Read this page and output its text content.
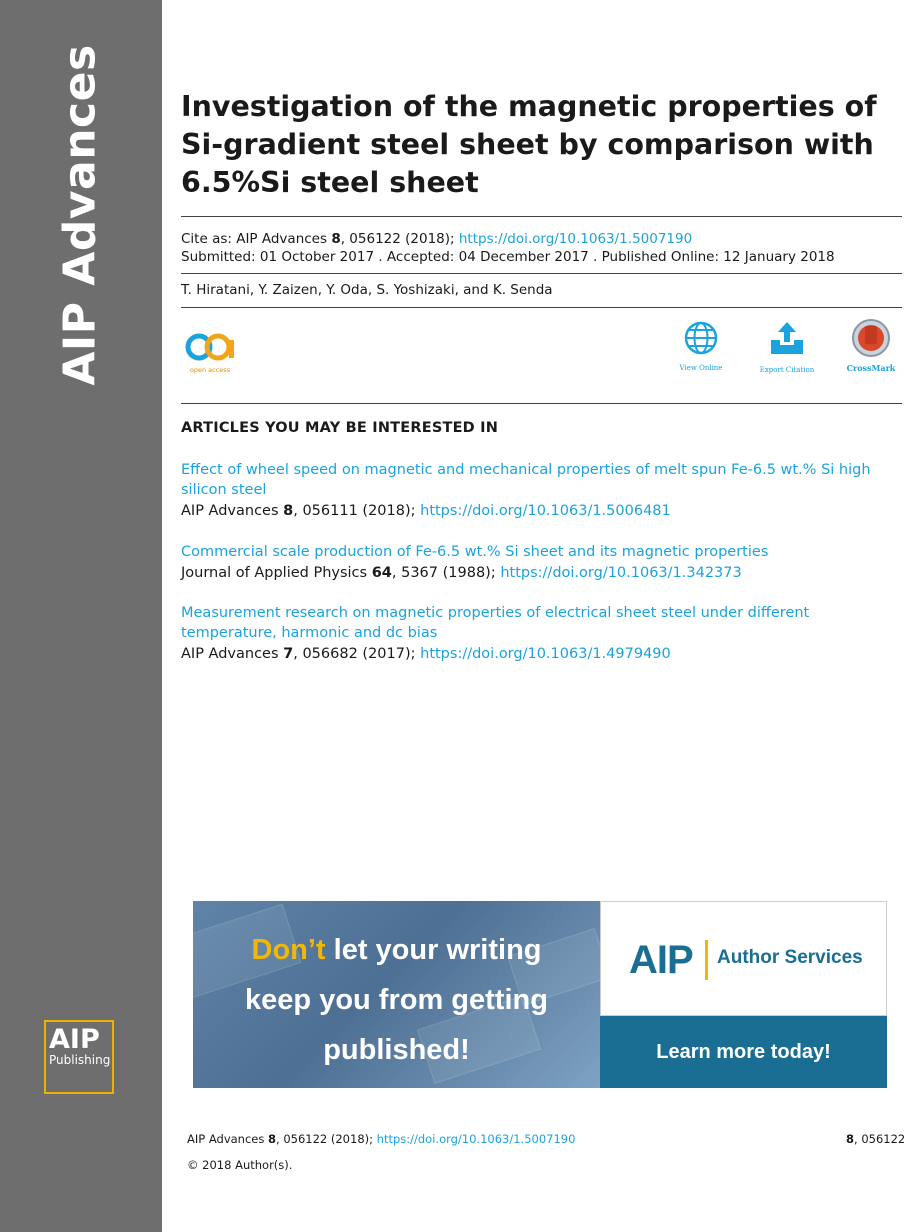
AIP Advances
AIP
Publishing
Investigation of the magnetic properties of Si-gradient steel sheet by comparison with 6.5%Si steel sheet
Cite as: AIP Advances 8, 056122 (2018); https://doi.org/10.1063/1.5007190
Submitted: 01 October 2017 . Accepted: 04 December 2017 . Published Online: 12 January 2018
T. Hiratani, Y. Zaizen, Y. Oda, S. Yoshizaki, and K. Senda
open access	View Online	Export Citation	CrossMark
ARTICLES YOU MAY BE INTERESTED IN
Effect of wheel speed on magnetic and mechanical properties of melt spun Fe-6.5 wt.% Si high silicon steel
AIP Advances 8, 056111 (2018); https://doi.org/10.1063/1.5006481
Commercial scale production of Fe-6.5 wt.% Si sheet and its magnetic properties
Journal of Applied Physics 64, 5367 (1988); https://doi.org/10.1063/1.342373
Measurement research on magnetic properties of electrical sheet steel under different temperature, harmonic and dc bias
AIP Advances 7, 056682 (2017); https://doi.org/10.1063/1.4979490
Don’t let your writing
keep you from getting
published!
AIP Author Services
Learn more today!
AIP Advances 8, 056122 (2018); https://doi.org/10.1063/1.5007190	8, 056122
© 2018 Author(s).
